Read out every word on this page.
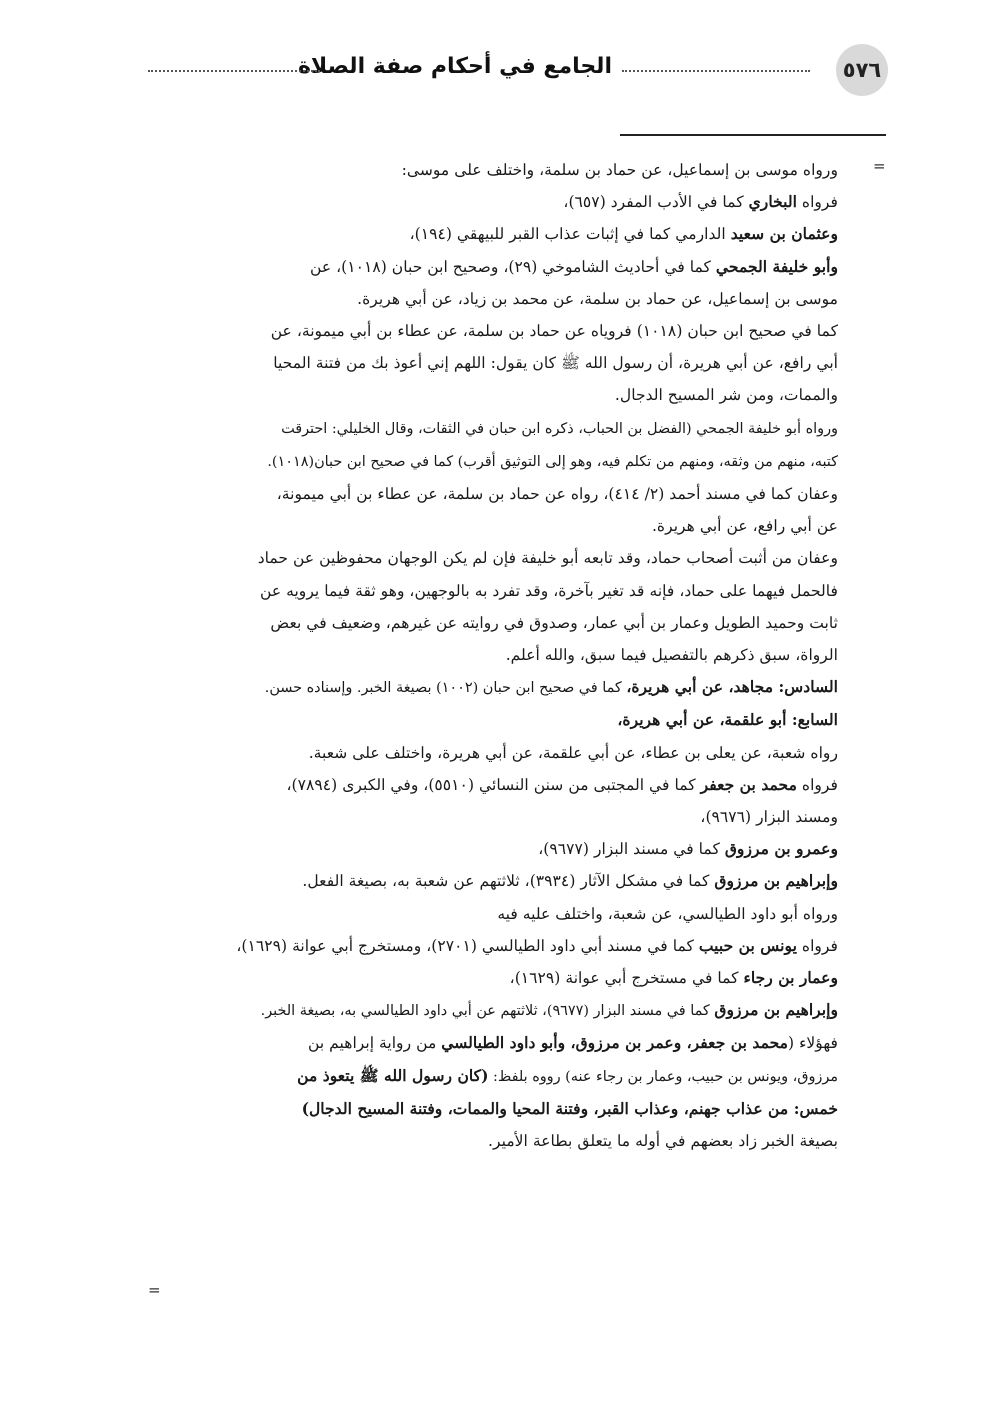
٥٧٦
الجامع في أحكام صفة الصلاة
=
ورواه موسى بن إسماعيل، عن حماد بن سلمة، واختلف على موسى:
فرواه البخاري كما في الأدب المفرد (٦٥٧)،
وعثمان بن سعيد الدارمي كما في إثبات عذاب القبر للبيهقي (١٩٤)،
وأبو خليفة الجمحي كما في أحاديث الشاموخي (٢٩)، وصحيح ابن حبان (١٠١٨)، عن
موسى بن إسماعيل، عن حماد بن سلمة، عن محمد بن زياد، عن أبي هريرة.
كما في صحيح ابن حبان (١٠١٨) فروياه عن حماد بن سلمة، عن عطاء بن أبي ميمونة، عن
أبي رافع، عن أبي هريرة، أن رسول الله ﷺ كان يقول: اللهم إني أعوذ بك من فتنة المحيا
والممات، ومن شر المسيح الدجال.
ورواه أبو خليفة الجمحي (الفضل بن الحباب، ذكره ابن حبان في الثقات، وقال الخليلي: احترقت
كتبه، منهم من وثقه، ومنهم من تكلم فيه، وهو إلى التوثيق أقرب) كما في صحيح ابن حبان(١٠١٨).
وعفان كما في مسند أحمد (٢/ ٤١٤)، رواه عن حماد بن سلمة، عن عطاء بن أبي ميمونة،
عن أبي رافع، عن أبي هريرة.
وعفان من أثبت أصحاب حماد، وقد تابعه أبو خليفة فإن لم يكن الوجهان محفوظين عن حماد
فالحمل فيهما على حماد، فإنه قد تغير بآخرة، وقد تفرد به بالوجهين، وهو ثقة فيما يرويه عن
ثابت وحميد الطويل وعمار بن أبي عمار، وصدوق في روايته عن غيرهم، وضعيف في بعض
الرواة، سبق ذكرهم بالتفصيل فيما سبق، والله أعلم.
السادس: مجاهد، عن أبي هريرة، كما في صحيح ابن حبان (١٠٠٢) بصيغة الخبر. وإسناده حسن.
السابع: أبو علقمة، عن أبي هريرة،
رواه شعبة، عن يعلى بن عطاء، عن أبي علقمة، عن أبي هريرة، واختلف على شعبة.
فرواه محمد بن جعفر كما في المجتبى من سنن النسائي (٥٥١٠)، وفي الكبرى (٧٨٩٤)،
ومسند البزار (٩٦٧٦)،
وعمرو بن مرزوق كما في مسند البزار (٩٦٧٧)،
وإبراهيم بن مرزوق كما في مشكل الآثار (٣٩٣٤)، ثلاثتهم عن شعبة به، بصيغة الفعل.
ورواه أبو داود الطيالسي، عن شعبة، واختلف عليه فيه
فرواه يونس بن حبيب كما في مسند أبي داود الطيالسي (٢٧٠١)، ومستخرج أبي عوانة (١٦٢٩)،
وعمار بن رجاء كما في مستخرج أبي عوانة (١٦٢٩)،
وإبراهيم بن مرزوق كما في مسند البزار (٩٦٧٧)، ثلاثتهم عن أبي داود الطيالسي به، بصيغة الخبر.
فهؤلاء (محمد بن جعفر، وعمر بن مرزوق، وأبو داود الطيالسي من رواية إبراهيم بن
مرزوق، ويونس بن حبيب، وعمار بن رجاء عنه) رووه بلفظ: (كان رسول الله ﷺ يتعوذ من
خمس: من عذاب جهنم، وعذاب القبر، وفتنة المحيا والممات، وفتنة المسيح الدجال)
بصيغة الخبر زاد بعضهم في أوله ما يتعلق بطاعة الأمير.
=
